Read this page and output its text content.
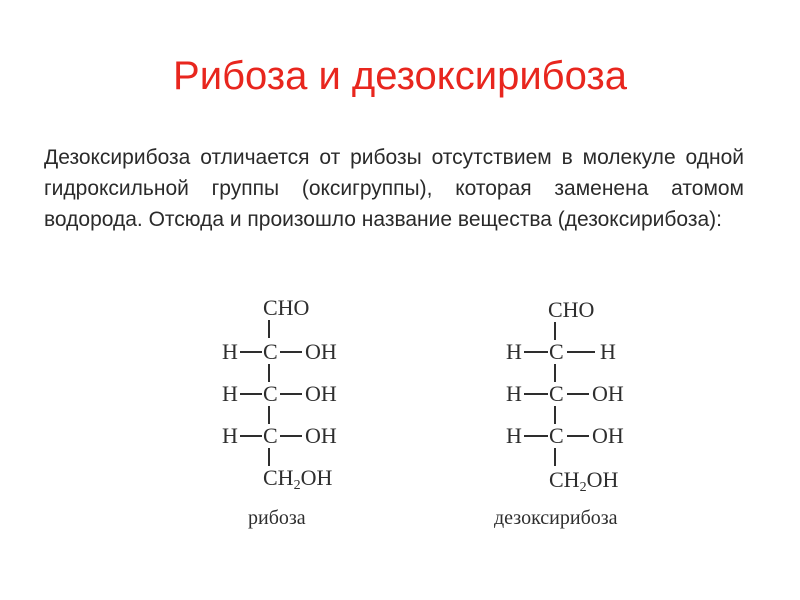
Рибоза и дезоксирибоза
Дезоксирибоза отличается от рибозы отсутствием в молекуле одной гидроксильной группы (оксигруппы), которая заменена атомом водорода. Отсюда и произошло название вещества (дезоксирибоза):
CHO
H C OH
H C OH
H C OH
$CH_2OH$
рибоза
CHO
H C H
H C OH
H C OH
$CH_2OH$
дезоксирибоза
